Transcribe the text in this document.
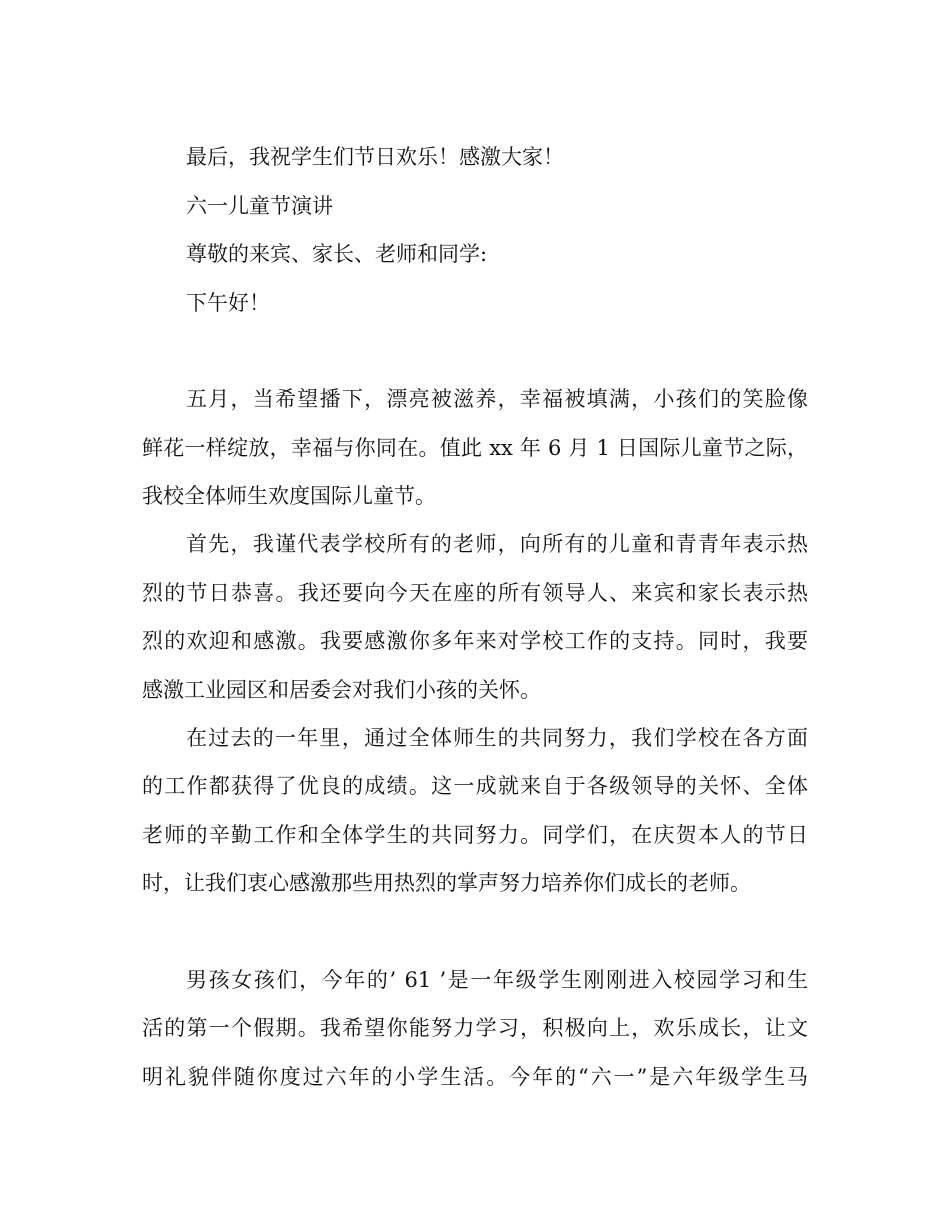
最后，我祝学生们节日欢乐！感激大家！
六一儿童节演讲
尊敬的来宾、家长、老师和同学:
下午好！
五月，当希望播下，漂亮被滋养，幸福被填满，小孩们的笑脸像
鲜花一样绽放，幸福与你同在。值此 xx 年 6 月 1 日国际儿童节之际，
我校全体师生欢度国际儿童节。
首先，我谨代表学校所有的老师，向所有的儿童和青青年表示热
烈的节日恭喜。我还要向今天在座的所有领导人、来宾和家长表示热
烈的欢迎和感激。我要感激你多年来对学校工作的支持。同时，我要
感激工业园区和居委会对我们小孩的关怀。
在过去的一年里，通过全体师生的共同努力，我们学校在各方面
的工作都获得了优良的成绩。这一成就来自于各级领导的关怀、全体
老师的辛勤工作和全体学生的共同努力。同学们，在庆贺本人的节日
时，让我们衷心感激那些用热烈的掌声努力培养你们成长的老师。
男孩女孩们，今年的’ 61 ’是一年级学生刚刚进入校园学习和生
活的第一个假期。我希望你能努力学习，积极向上，欢乐成长，让文
明礼貌伴随你度过六年的小学生活。今年的“六一”是六年级学生马
